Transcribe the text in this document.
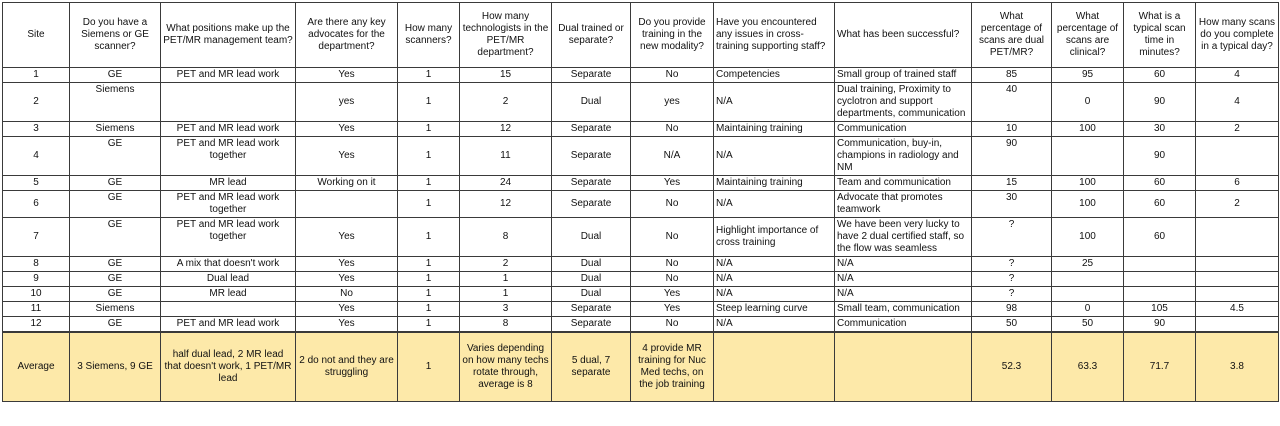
Site	Do you have a Siemens or GE scanner?	What positions make up the PET/MR management team?	Are there any key advocates for the department?	How many scanners?	How many technologists in the PET/MR department?	Dual trained or separate?	Do you provide training in the new modality?	Have you encountered any issues in cross-training supporting staff?	What has been successful?	What percentage of scans are dual PET/MR?	What percentage of scans are clinical?	What is a typical scan time in minutes?	How many scans do you complete in a typical day?
1	GE	PET and MR lead work	Yes	1	15	Separate	No	Competencies	Small group of trained staff	85	95	60	4
2	Siemens		yes	1	2	Dual	yes	N/A	Dual training, Proximity to cyclotron and support departments, communication	40	0	90	4
3	Siemens	PET and MR lead work	Yes	1	12	Separate	No	Maintaining training	Communication	10	100	30	2
4	GE	PET and MR lead work together	Yes	1	11	Separate	N/A	N/A	Communication, buy-in, champions in radiology and NM	90		90	
5	GE	MR lead	Working on it	1	24	Separate	Yes	Maintaining training	Team and communication	15	100	60	6
6	GE	PET and MR lead work together		1	12	Separate	No	N/A	Advocate that promotes teamwork	30	100	60	2
7	GE	PET and MR lead work together	Yes	1	8	Dual	No	Highlight importance of cross training	We have been very lucky to have 2 dual certified staff, so the flow was seamless	?	100	60	
8	GE	A mix that doesn't work	Yes	1	2	Dual	No	N/A	N/A	?	25		
9	GE	Dual lead	Yes	1	1	Dual	No	N/A	N/A	?			
10	GE	MR lead	No	1	1	Dual	Yes	N/A	N/A	?			
11	Siemens		Yes	1	3	Separate	Yes	Steep learning curve	Small team, communication	98	0	105	4.5
12	GE	PET and MR lead work	Yes	1	8	Separate	No	N/A	Communication	50	50	90	
Average	3 Siemens, 9 GE	half dual lead, 2 MR lead that doesn't work, 1 PET/MR lead	2 do not and they are struggling	1	Varies depending on how many techs rotate through, average is 8	5 dual, 7 separate	4 provide MR training for Nuc Med techs, on the job training			52.3	63.3	71.7	3.8
